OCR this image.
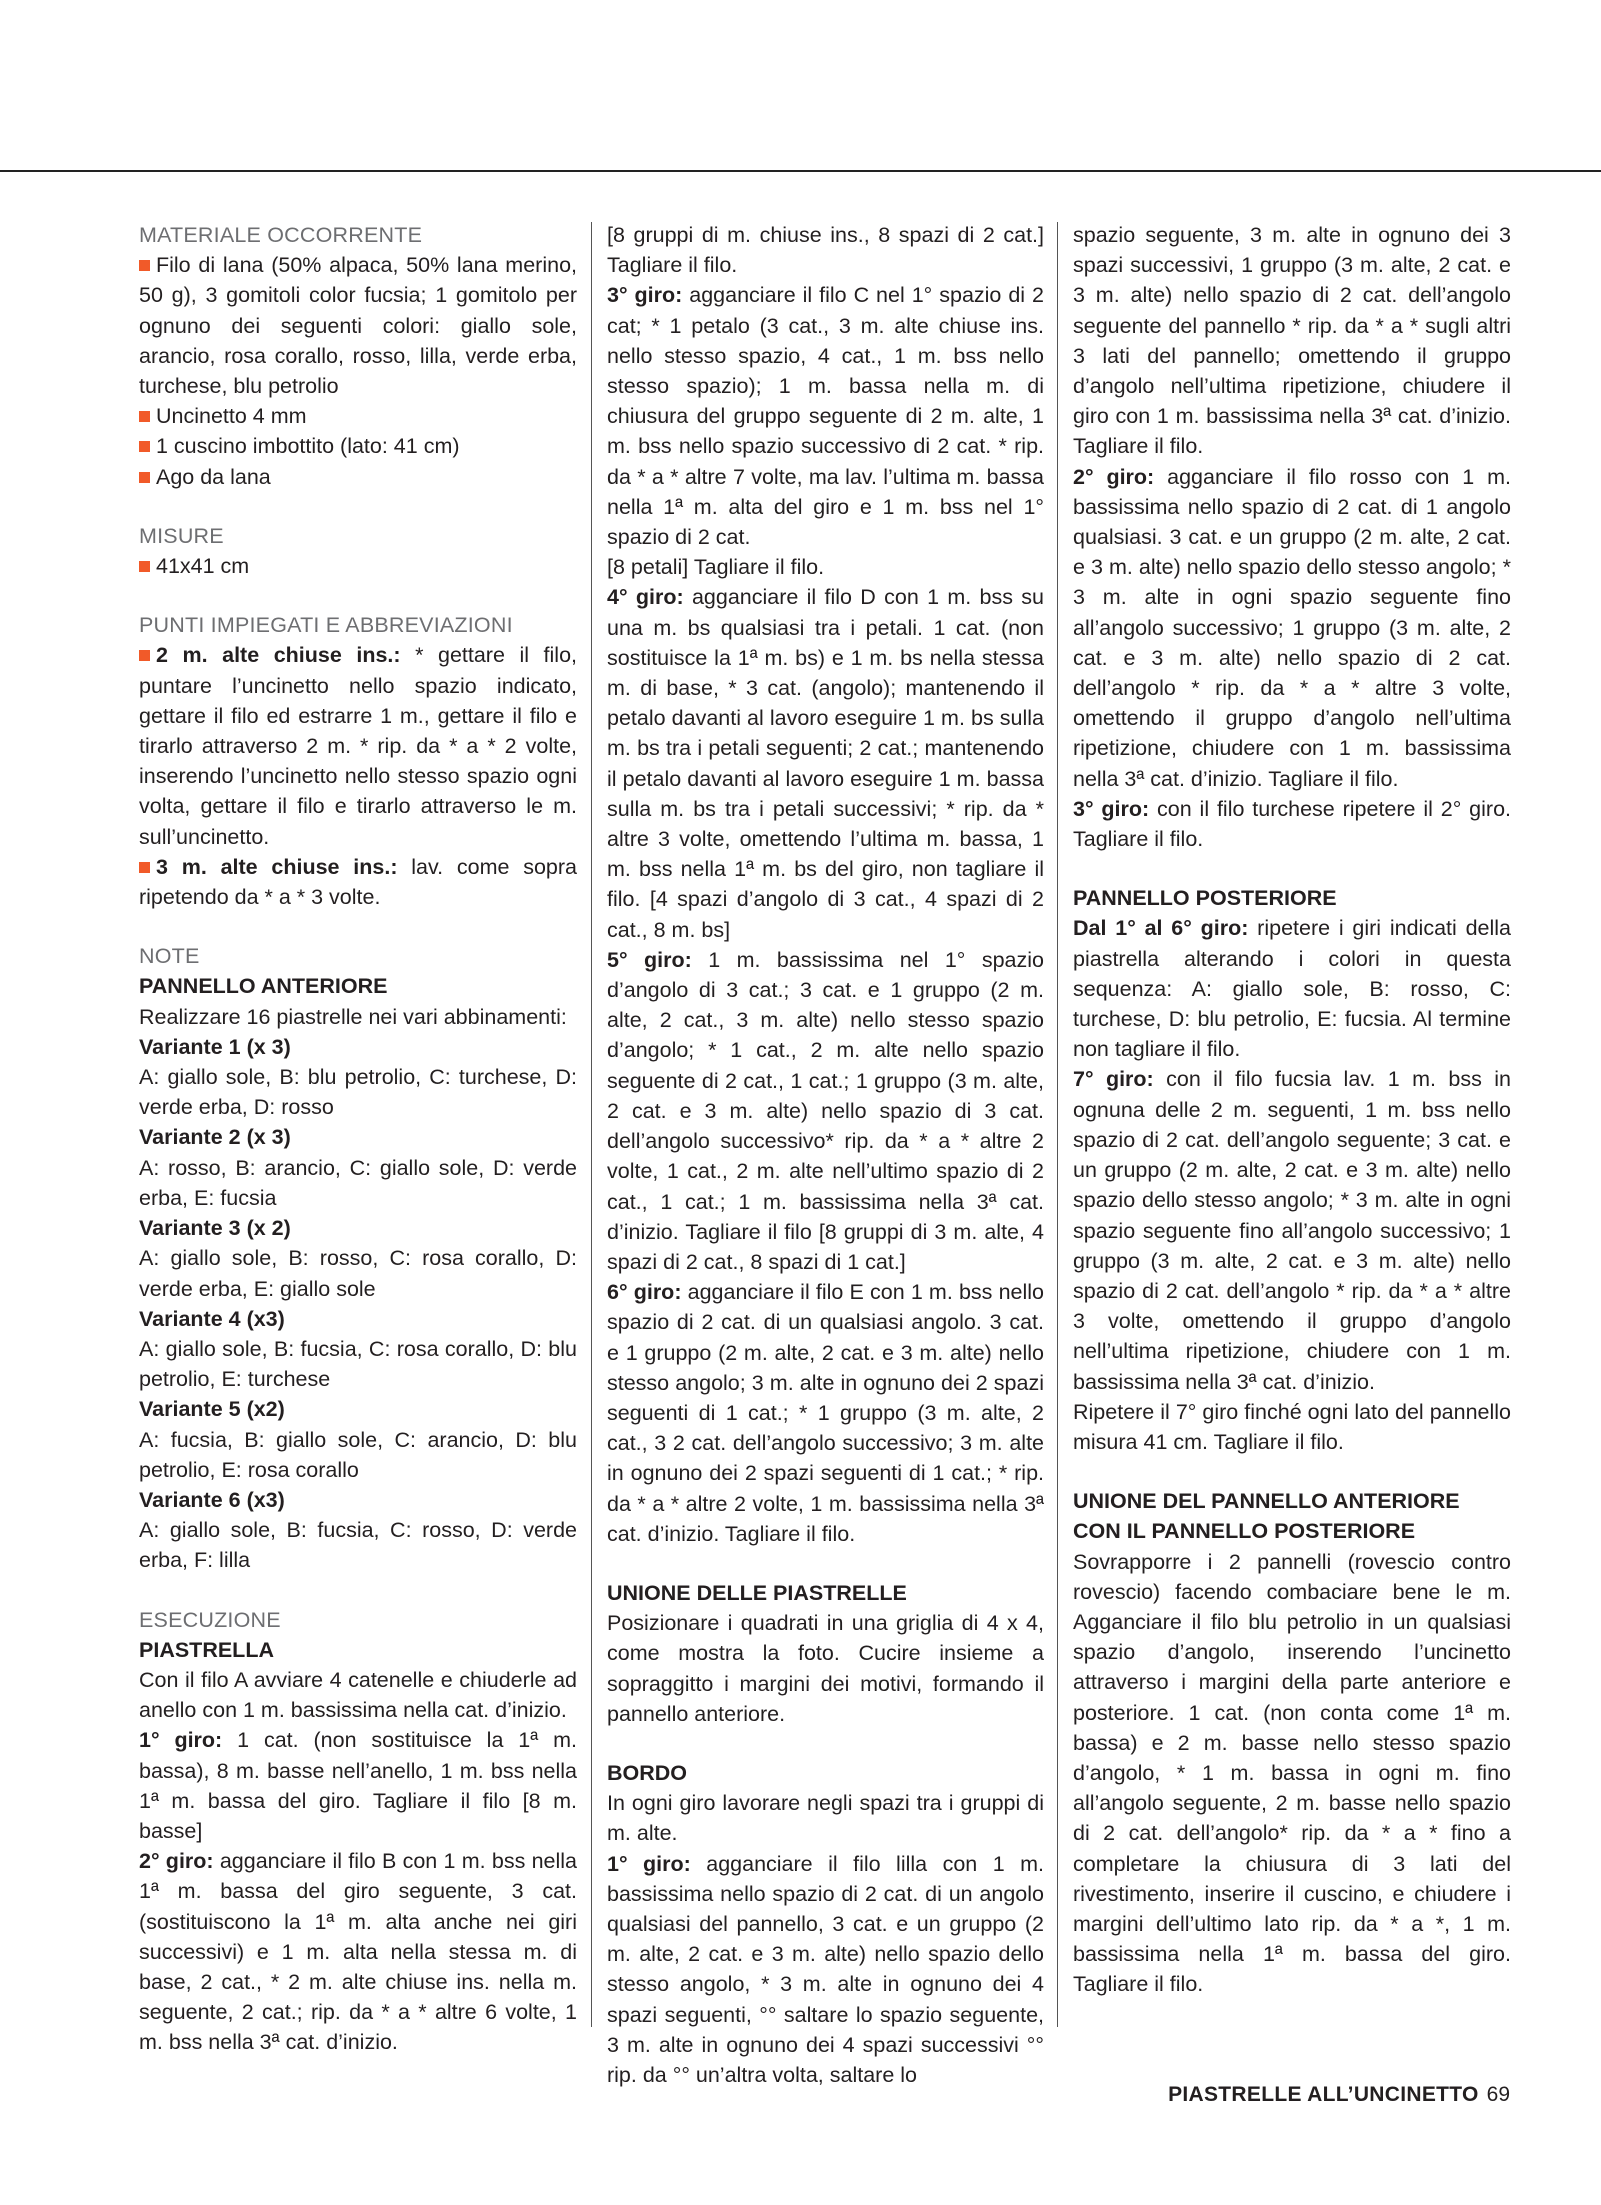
MATERIALE OCCORRENTE

Filo di lana (50% alpaca, 50% lana merino, 50 g), 3 gomitoli color fucsia; 1 gomitolo per ognuno dei seguenti colori: giallo sole, arancio, rosa corallo, rosso, lilla, verde erba, turchese, blu petrolio

Uncinetto 4 mm

1 cuscino imbottito (lato: 41 cm)

Ago da lana

MISURE

41x41 cm

PUNTI IMPIEGATI E ABBREVIAZIONI

2 m. alte chiuse ins.: * gettare il filo, puntare l’uncinetto nello spazio indicato, gettare il filo ed estrarre 1 m., gettare il filo e tirarlo attraverso 2 m. * rip. da * a * 2 volte, inserendo l’uncinetto nello stesso spazio ogni volta, gettare il filo e tirarlo attraverso le m. sull’uncinetto.

3 m. alte chiuse ins.: lav. come sopra ripetendo da * a * 3 volte.

NOTE

PANNELLO ANTERIORE

Realizzare 16 piastrelle nei vari abbinamenti:

Variante 1 (x 3)

A: giallo sole, B: blu petrolio, C: turchese, D: verde erba, D: rosso

Variante 2 (x 3)

A: rosso, B: arancio, C: giallo sole, D: verde erba, E: fucsia

Variante 3 (x 2)

A: giallo sole, B: rosso, C: rosa corallo, D: verde erba, E: giallo sole

Variante 4 (x3)

A: giallo sole, B: fucsia, C: rosa corallo, D: blu petrolio, E: turchese

Variante 5 (x2)

A: fucsia, B: giallo sole, C: arancio, D: blu petrolio, E: rosa corallo

Variante 6 (x3)

A: giallo sole, B: fucsia, C: rosso, D: verde erba, F: lilla

ESECUZIONE

PIASTRELLA

Con il filo A avviare 4 catenelle e chiuderle ad anello con 1 m. bassissima nella cat. d’inizio.

1° giro: 1 cat. (non sostituisce la 1ª m. bassa), 8 m. basse nell’anello, 1 m. bss nella 1ª m. bassa del giro. Tagliare il filo [8 m. basse]

2° giro: agganciare il filo B con 1 m. bss nella 1ª m. bassa del giro seguente, 3 cat. (sostituiscono la 1ª m. alta anche nei giri successivi) e 1 m. alta nella stessa m. di base, 2 cat., * 2 m. alte chiuse ins. nella m. seguente, 2 cat.; rip. da * a * altre 6 volte, 1 m. bss nella 3ª cat. d’inizio.

[8 gruppi di m. chiuse ins., 8 spazi di 2 cat.] Tagliare il filo.

3° giro: agganciare il filo C nel 1° spazio di 2 cat; * 1 petalo (3 cat., 3 m. alte chiuse ins. nello stesso spazio, 4 cat., 1 m. bss nello stesso spazio); 1 m. bassa nella m. di chiusura del gruppo seguente di 2 m. alte, 1 m. bss nello spazio successivo di 2 cat. * rip. da * a * altre 7 volte, ma lav. l’ultima m. bassa nella 1ª m. alta del giro e 1 m. bss nel 1° spazio di 2 cat.

[8 petali] Tagliare il filo.

4° giro: agganciare il filo D con 1 m. bss su una m. bs qualsiasi tra i petali. 1 cat. (non sostituisce la 1ª m. bs) e 1 m. bs nella stessa m. di base, * 3 cat. (angolo); mantenendo il petalo davanti al lavoro eseguire 1 m. bs sulla m. bs tra i petali seguenti; 2 cat.; mantenendo il petalo davanti al lavoro eseguire 1 m. bassa sulla m. bs tra i petali successivi; * rip. da * altre 3 volte, omettendo l’ultima m. bassa, 1 m. bss nella 1ª m. bs del giro, non tagliare il filo. [4 spazi d’angolo di 3 cat., 4 spazi di 2 cat., 8 m. bs]

5° giro: 1 m. bassissima nel 1° spazio d’angolo di 3 cat.; 3 cat. e 1 gruppo (2 m. alte, 2 cat., 3 m. alte) nello stesso spazio d’angolo; * 1 cat., 2 m. alte nello spazio seguente di 2 cat., 1 cat.; 1 gruppo (3 m. alte, 2 cat. e 3 m. alte) nello spazio di 3 cat. dell’angolo successivo* rip. da * a * altre 2 volte, 1 cat., 2 m. alte nell’ultimo spazio di 2 cat., 1 cat.; 1 m. bassissima nella 3ª cat. d’inizio. Tagliare il filo [8 gruppi di 3 m. alte, 4 spazi di 2 cat., 8 spazi di 1 cat.]

6° giro: agganciare il filo E con 1 m. bss nello spazio di 2 cat. di un qualsiasi angolo. 3 cat. e 1 gruppo (2 m. alte, 2 cat. e 3 m. alte) nello stesso angolo; 3 m. alte in ognuno dei 2 spazi seguenti di 1 cat.; * 1 gruppo (3 m. alte, 2 cat., 3 2 cat. dell’angolo successivo; 3 m. alte in ognuno dei 2 spazi seguenti di 1 cat.; * rip. da * a * altre 2 volte, 1 m. bassissima nella 3ª cat. d’inizio. Tagliare il filo.

UNIONE DELLE PIASTRELLE

Posizionare i quadrati in una griglia di 4 x 4, come mostra la foto. Cucire insieme a sopraggitto i margini dei motivi, formando il pannello anteriore.

BORDO

In ogni giro lavorare negli spazi tra i gruppi di m. alte.

1° giro: agganciare il filo lilla con 1 m. bassissima nello spazio di 2 cat. di un angolo qualsiasi del pannello, 3 cat. e un gruppo (2 m. alte, 2 cat. e 3 m. alte) nello spazio dello stesso angolo, * 3 m. alte in ognuno dei 4 spazi seguenti, °° saltare lo spazio seguente, 3 m. alte in ognuno dei 4 spazi successivi °° rip. da °° un’altra volta, saltare lo

spazio seguente, 3 m. alte in ognuno dei 3 spazi successivi, 1 gruppo (3 m. alte, 2 cat. e 3 m. alte) nello spazio di 2 cat. dell’angolo seguente del pannello * rip. da * a * sugli altri 3 lati del pannello; omettendo il gruppo d’angolo nell’ultima ripetizione, chiudere il giro con 1 m. bassissima nella 3ª cat. d’inizio. Tagliare il filo.

2° giro: agganciare il filo rosso con 1 m. bassissima nello spazio di 2 cat. di 1 angolo qualsiasi. 3 cat. e un gruppo (2 m. alte, 2 cat. e 3 m. alte) nello spazio dello stesso angolo; * 3 m. alte in ogni spazio seguente fino all’angolo successivo; 1 gruppo (3 m. alte, 2 cat. e 3 m. alte) nello spazio di 2 cat. dell’angolo * rip. da * a * altre 3 volte, omettendo il gruppo d’angolo nell’ultima ripetizione, chiudere con 1 m. bassissima nella 3ª cat. d’inizio. Tagliare il filo.

3° giro: con il filo turchese ripetere il 2° giro. Tagliare il filo.

PANNELLO POSTERIORE

Dal 1° al 6° giro: ripetere i giri indicati della piastrella alterando i colori in questa sequenza: A: giallo sole, B: rosso, C: turchese, D: blu petrolio, E: fucsia. Al termine non tagliare il filo.

7° giro: con il filo fucsia lav. 1 m. bss in ognuna delle 2 m. seguenti, 1 m. bss nello spazio di 2 cat. dell’angolo seguente; 3 cat. e un gruppo (2 m. alte, 2 cat. e 3 m. alte) nello spazio dello stesso angolo; * 3 m. alte in ogni spazio seguente fino all’angolo successivo; 1 gruppo (3 m. alte, 2 cat. e 3 m. alte) nello spazio di 2 cat. dell’angolo * rip. da * a * altre 3 volte, omettendo il gruppo d’angolo nell’ultima ripetizione, chiudere con 1 m. bassissima nella 3ª cat. d’inizio.

Ripetere il 7° giro finché ogni lato del pannello misura 41 cm. Tagliare il filo.

UNIONE DEL PANNELLO ANTERIORE

CON IL PANNELLO POSTERIORE

Sovrapporre i 2 pannelli (rovescio contro rovescio) facendo combaciare bene le m. Agganciare il filo blu petrolio in un qualsiasi spazio d’angolo, inserendo l’uncinetto attraverso i margini della parte anteriore e posteriore. 1 cat. (non conta come 1ª m. bassa) e 2 m. basse nello stesso spazio d’angolo, * 1 m. bassa in ogni m. fino all’angolo seguente, 2 m. basse nello spazio di 2 cat. dell’angolo* rip. da * a * fino a completare la chiusura di 3 lati del rivestimento, inserire il cuscino, e chiudere i margini dell’ultimo lato rip. da * a *, 1 m. bassissima nella 1ª m. bassa del giro. Tagliare il filo.

PIASTRELLE ALL’UNCINETTO 69
